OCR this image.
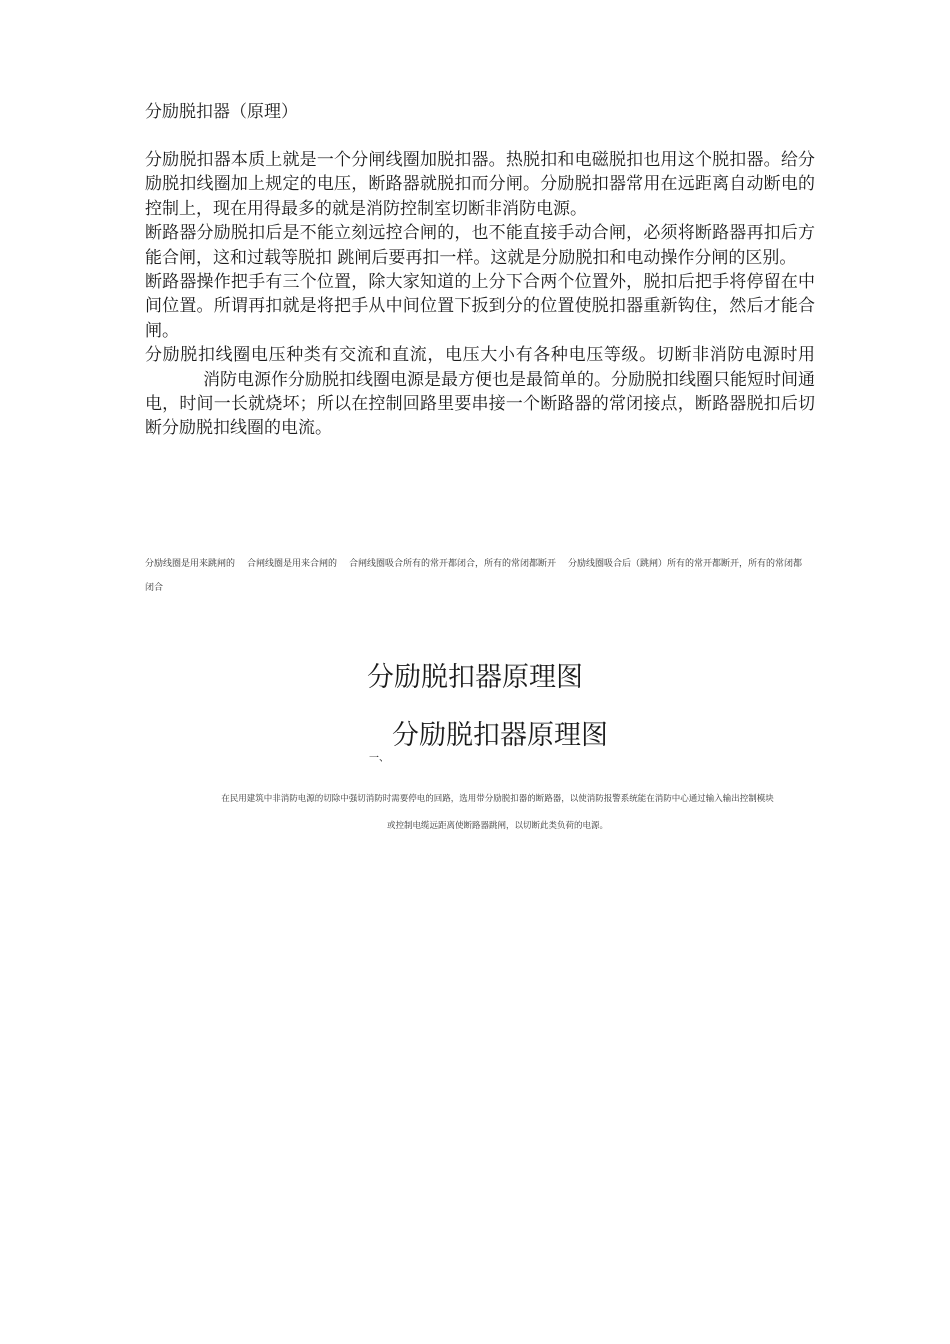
分励脱扣器（原理）

分励脱扣器本质上就是一个分闸线圈加脱扣器。热脱扣和电磁脱扣也用这个脱扣器。给分励脱扣线圈加上规定的电压，断路器就脱扣而分闸。分励脱扣器常用在远距离自动断电的控制上，现在用得最多的就是消防控制室切断非消防电源。

断路器分励脱扣后是不能立刻远控合闸的，也不能直接手动合闸，必须将断路器再扣后方能合闸，这和过载等脱扣 跳闸后要再扣一样。这就是分励脱扣和电动操作分闸的区别。

断路器操作把手有三个位置，除大家知道的上分下合两个位置外，脱扣后把手将停留在中间位置。所谓再扣就是将把手从中间位置下扳到分的位置使脱扣器重新钩住，然后才能合闸。

分励脱扣线圈电压种类有交流和直流，电压大小有各种电压等级。切断非消防电源时用消防电源作分励脱扣线圈电源是最方便也是最简单的。分励脱扣线圈只能短时间通电，时间一长就烧坏；所以在控制回路里要串接一个断路器的常闭接点，断路器脱扣后切断分励脱扣线圈的电流。

分励线圈是用来跳闸的 合闸线圈是用来合闸的 合闸线圈吸合所有的常开都闭合，所有的常闭都断开 分励线圈吸合后（跳闸）所有的常开都断开，所有的常闭都闭合
分励脱扣器原理图
分励脱扣器原理图
一、
在民用建筑中非消防电源的切除中强切消防时需要停电的回路，选用带分励脱扣器的断路器，以使消防报警系统能在消防中心通过输入输出控制模块
或控制电缆远距离使断路器跳闸，以切断此类负荷的电源。
